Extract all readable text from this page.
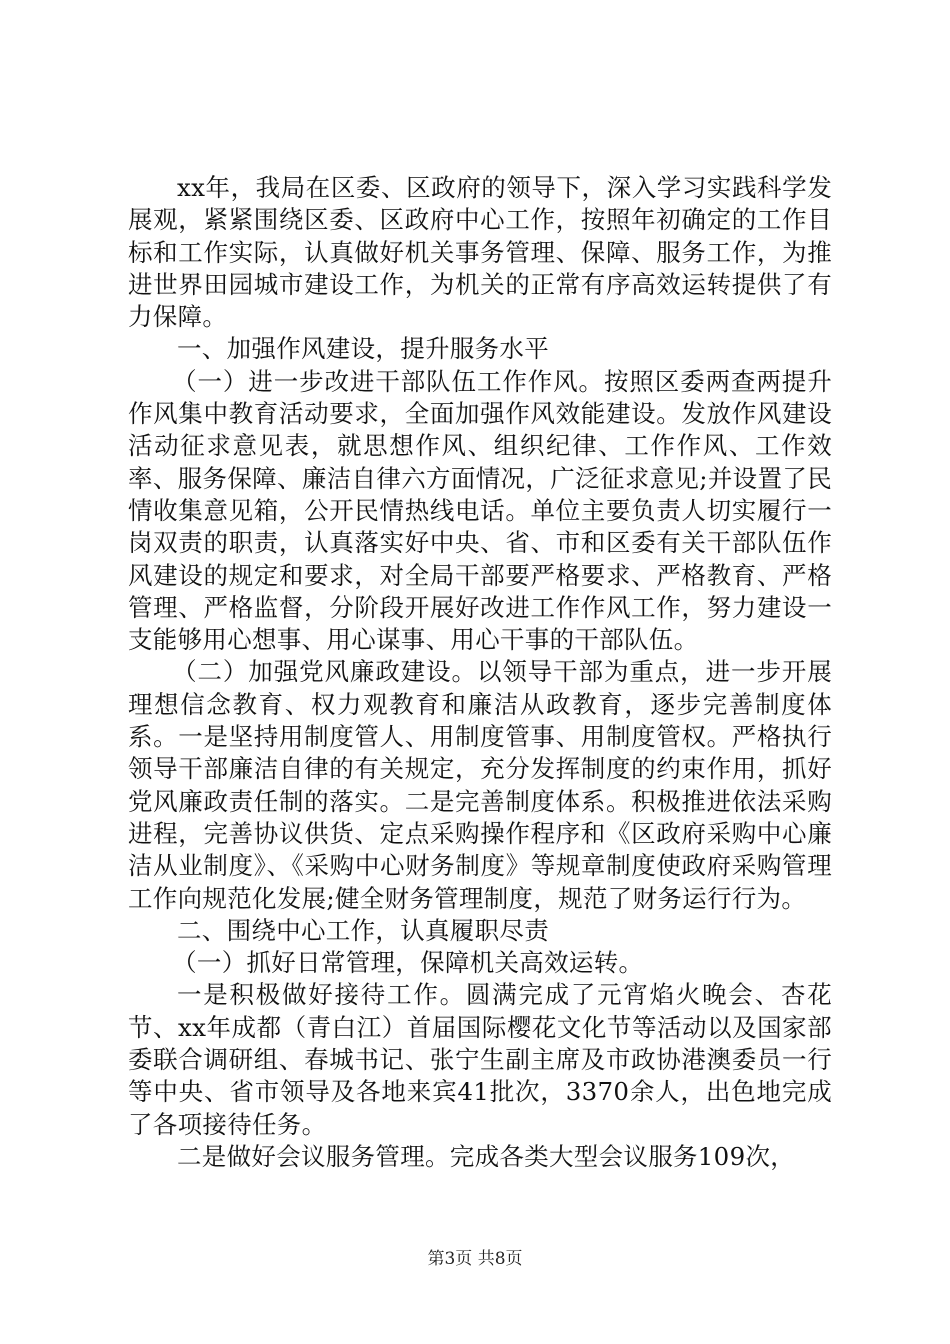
xx年，我局在区委、区政府的领导下，深入学习实践科学发展观，紧紧围绕区委、区政府中心工作，按照年初确定的工作目标和工作实际，认真做好机关事务管理、保障、服务工作，为推进世界田园城市建设工作，为机关的正常有序高效运转提供了有力保障。

一、加强作风建设，提升服务水平

（一）进一步改进干部队伍工作作风。按照区委两查两提升作风集中教育活动要求，全面加强作风效能建设。发放作风建设活动征求意见表，就思想作风、组织纪律、工作作风、工作效率、服务保障、廉洁自律六方面情况，广泛征求意见;并设置了民情收集意见箱，公开民情热线电话。单位主要负责人切实履行一岗双责的职责，认真落实好中央、省、市和区委有关干部队伍作风建设的规定和要求，对全局干部要严格要求、严格教育、严格管理、严格监督，分阶段开展好改进工作作风工作，努力建设一支能够用心想事、用心谋事、用心干事的干部队伍。

（二）加强党风廉政建设。以领导干部为重点，进一步开展理想信念教育、权力观教育和廉洁从政教育，逐步完善制度体系。一是坚持用制度管人、用制度管事、用制度管权。严格执行领导干部廉洁自律的有关规定，充分发挥制度的约束作用，抓好党风廉政责任制的落实。二是完善制度体系。积极推进依法采购进程，完善协议供货、定点采购操作程序和《区政府采购中心廉洁从业制度》、《采购中心财务制度》等规章制度使政府采购管理工作向规范化发展;健全财务管理制度，规范了财务运行行为。

二、围绕中心工作，认真履职尽责

（一）抓好日常管理，保障机关高效运转。

一是积极做好接待工作。圆满完成了元宵焰火晚会、杏花节、xx年成都（青白江）首届国际樱花文化节等活动以及国家部委联合调研组、春城书记、张宁生副主席及市政协港澳委员一行等中央、省市领导及各地来宾41批次，3370余人，出色地完成了各项接待任务。

二是做好会议服务管理。完成各类大型会议服务109次，

第3页 共8页
